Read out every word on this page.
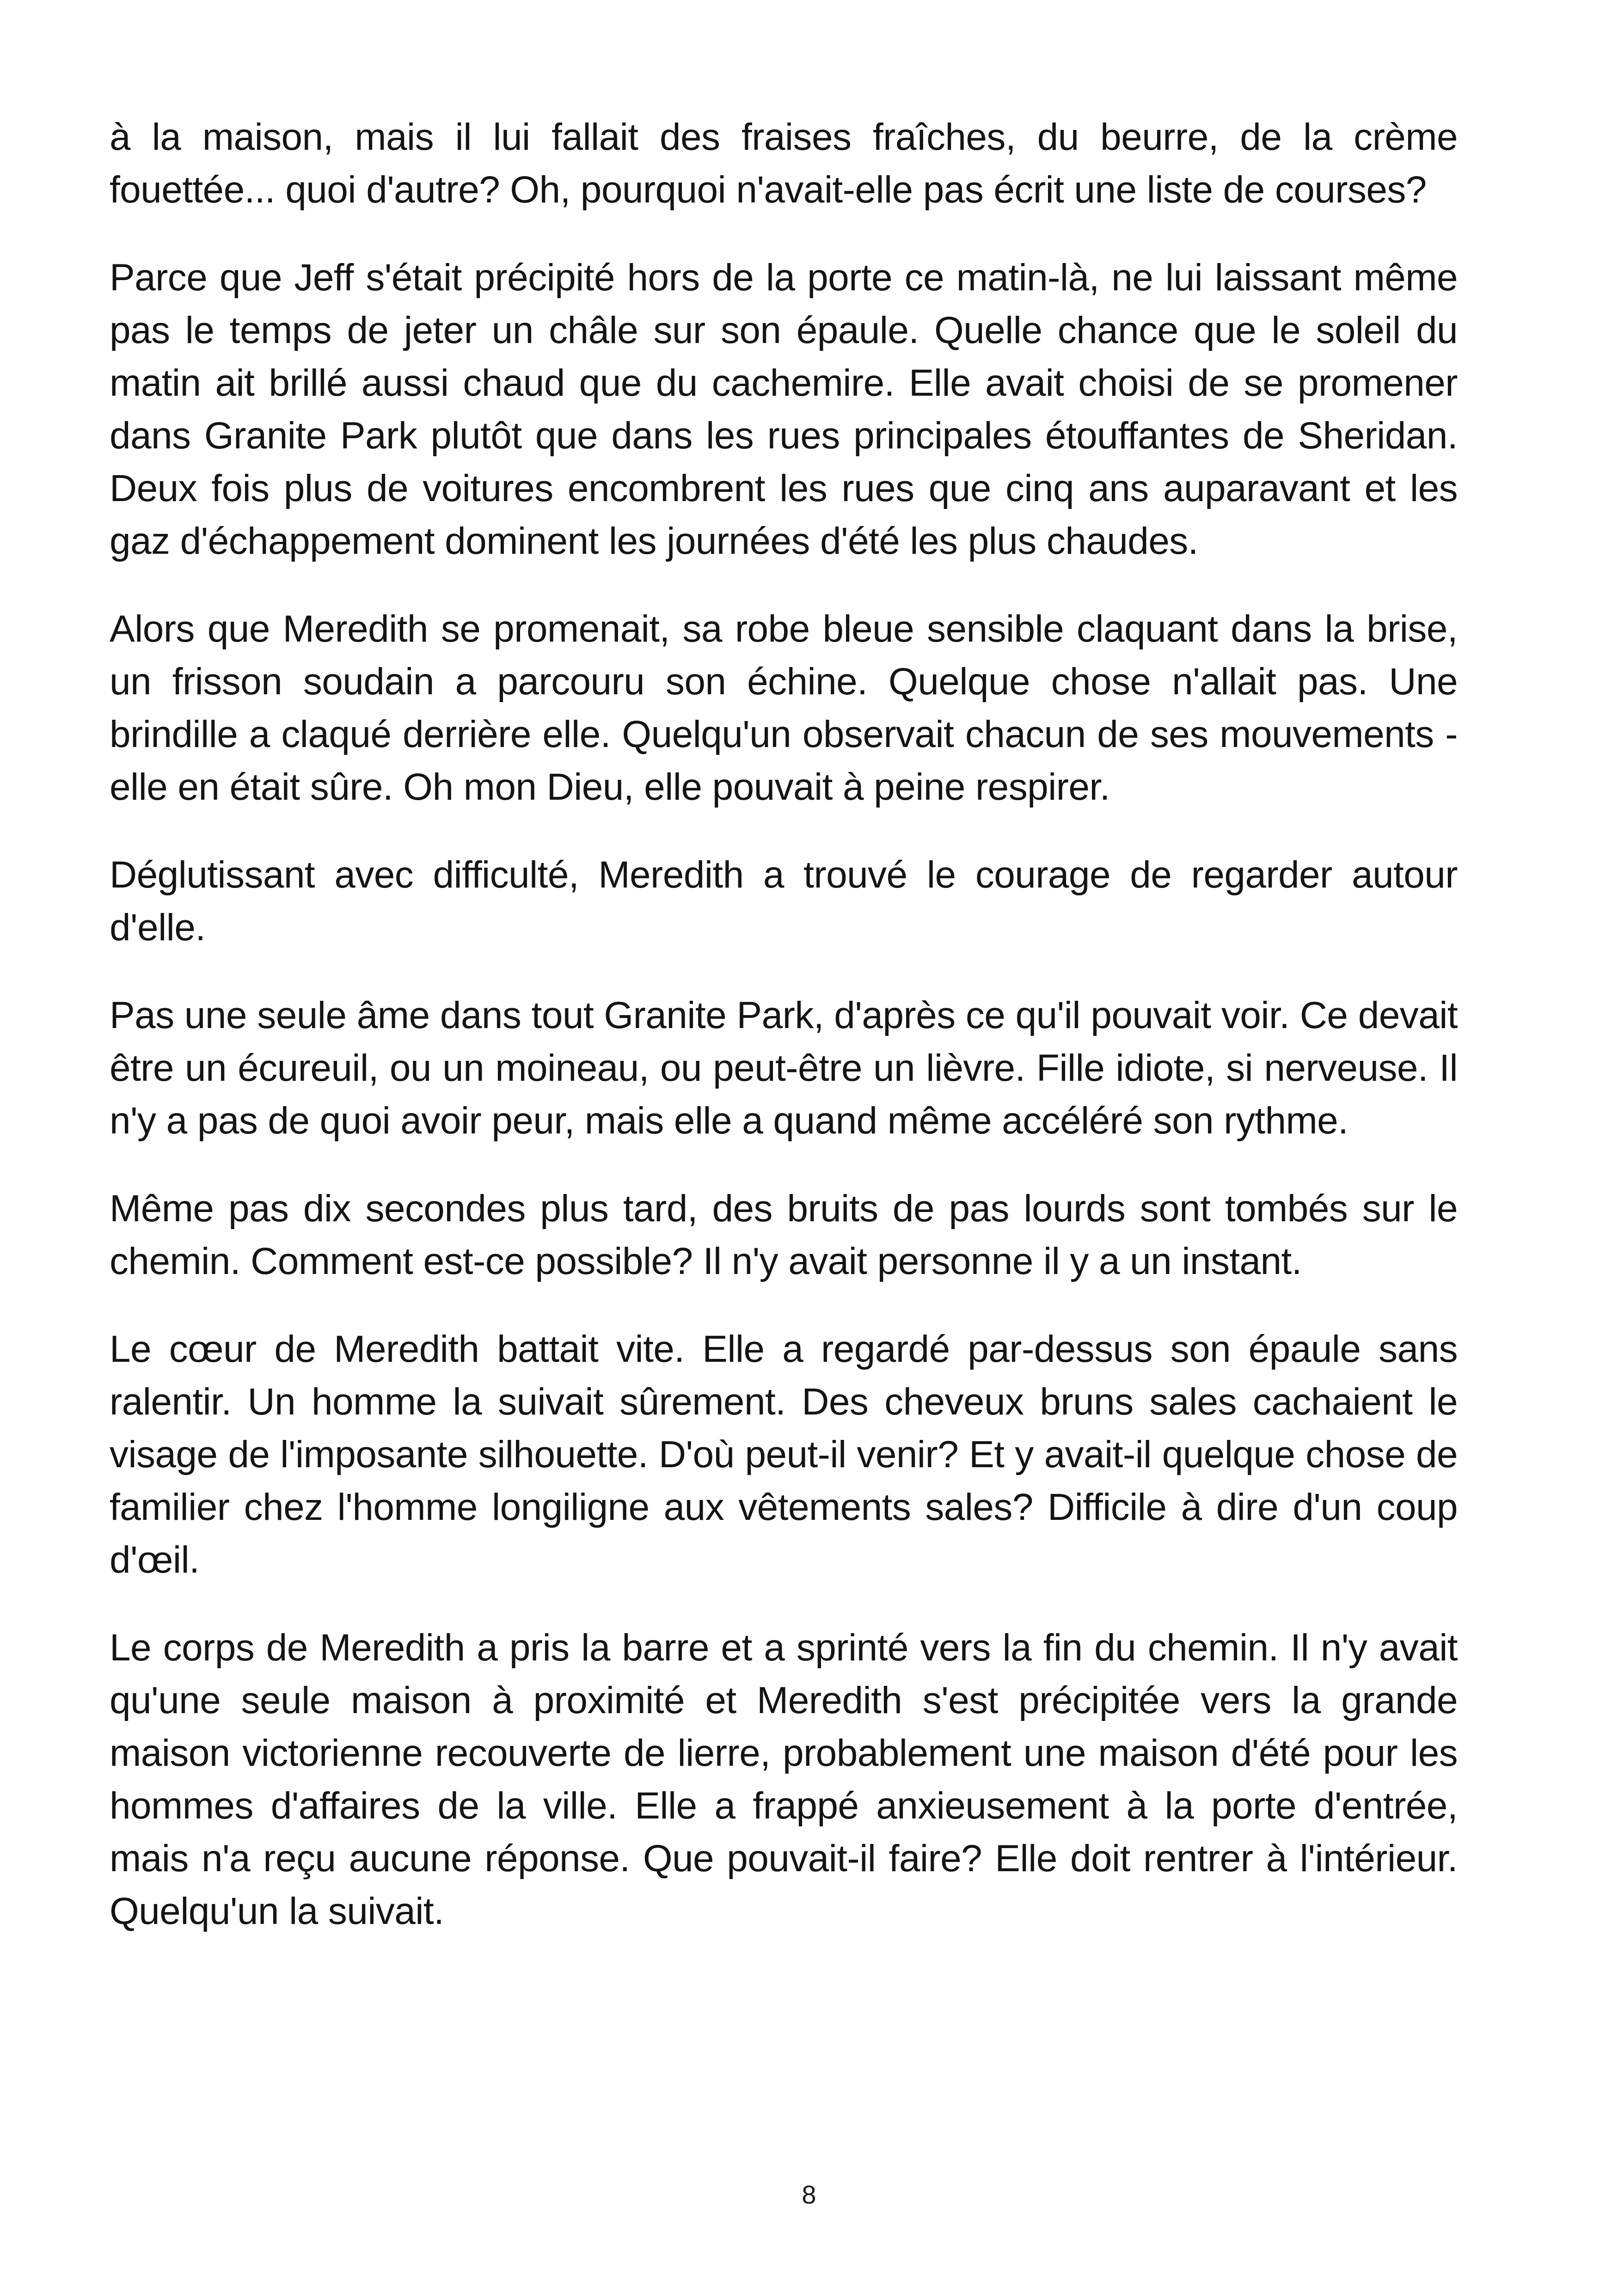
à la maison, mais il lui fallait des fraises fraîches, du beurre, de la crème fouettée... quoi d'autre? Oh, pourquoi n'avait-elle pas écrit une liste de courses?

Parce que Jeff s'était précipité hors de la porte ce matin-là, ne lui laissant même pas le temps de jeter un châle sur son épaule. Quelle chance que le soleil du matin ait brillé aussi chaud que du cachemire. Elle avait choisi de se promener dans Granite Park plutôt que dans les rues principales étouffantes de Sheridan. Deux fois plus de voitures encombrent les rues que cinq ans auparavant et les gaz d'échappement dominent les journées d'été les plus chaudes.

Alors que Meredith se promenait, sa robe bleue sensible claquant dans la brise, un frisson soudain a parcouru son échine. Quelque chose n'allait pas. Une brindille a claqué derrière elle. Quelqu'un observait chacun de ses mouvements - elle en était sûre. Oh mon Dieu, elle pouvait à peine respirer.

Déglutissant avec difficulté, Meredith a trouvé le courage de regarder autour d'elle.

Pas une seule âme dans tout Granite Park, d'après ce qu'il pouvait voir. Ce devait être un écureuil, ou un moineau, ou peut-être un lièvre. Fille idiote, si nerveuse. Il n'y a pas de quoi avoir peur, mais elle a quand même accéléré son rythme.

Même pas dix secondes plus tard, des bruits de pas lourds sont tombés sur le chemin. Comment est-ce possible? Il n'y avait personne il y a un instant.

Le cœur de Meredith battait vite. Elle a regardé par-dessus son épaule sans ralentir. Un homme la suivait sûrement. Des cheveux bruns sales cachaient le visage de l'imposante silhouette. D'où peut-il venir? Et y avait-il quelque chose de familier chez l'homme longiligne aux vêtements sales? Difficile à dire d'un coup d'œil.

Le corps de Meredith a pris la barre et a sprinté vers la fin du chemin. Il n'y avait qu'une seule maison à proximité et Meredith s'est précipitée vers la grande maison victorienne recouverte de lierre, probablement une maison d'été pour les hommes d'affaires de la ville. Elle a frappé anxieusement à la porte d'entrée, mais n'a reçu aucune réponse. Que pouvait-il faire? Elle doit rentrer à l'intérieur. Quelqu'un la suivait.

8
